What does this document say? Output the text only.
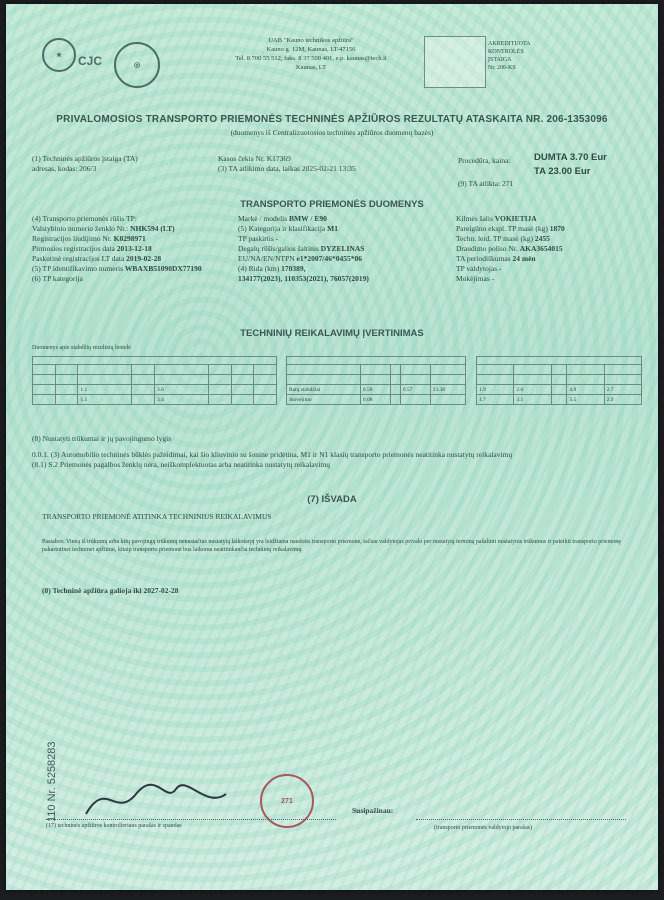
★	CJC	◎
UAB "Kauno technikos apžiūra"
Kauno g. 12M, Kaunas, LT-47156
Tel. 8 700 55 512, faks. 8 37 500 401, e.p. kaunas@tech.lt
Kaunas, LT
AKREDITUOTA
KONTROLĖS
ĮSTAIGA
Nr. 206-KS
PRIVALOMOSIOS TRANSPORTO PRIEMONĖS TECHNINĖS APŽIŪROS REZULTATŲ ATASKAITA NR. 206-1353096
(duomenys iš Centralizuotosios techninės apžiūros duomenų bazės)
(1) Techninės apžiūros įstaiga (TA)
adresas, kodas: 206/3
Kasos čekis Nr. K17369
(3) TA atlikimo data, laikas 2025-02-21 13:35
Procedūra, kaina: DUMTA 3.70 Eur
TA 23.00 Eur
(9) TA atlikta: 271
TRANSPORTO PRIEMONĖS DUOMENYS
(4) Transporto priemonės rūšis TP:
Valstybinio numerio ženklo Nr.: NHK594 (LT)
Registracijos liudijimo Nr. K0298971
Pirmosios registracijos data 2013-12-18
Paskutinė registracijos LT data 2019-02-28
(5) TP identifikavimo numeris WBAXB51090DX77190
(6) TP kategorija
Markė / modelis BMW / E90
(5) Kategorija ir klasifikacija M1
TP paskirtis -
Degalų rūšis/galios šaltinis DYZELINAS
EU/NA/EN/NTPN e1*2007/46*0455*06
(4) Rida (km) 170389,
134177(2023), 110353(2021), 76057(2019)
Kilmės šalis VOKIETIJA
Pareigūno ekspl. TP masė (kg) 1870
Techn. leid. TP masė (kg) 2455
Draudimo poliso Nr. AKA3654015
TA periodiškumas 24 mėn
TP valdytojas -
Mokėjimas -
TECHNINIŲ REIKALAVIMŲ ĮVERTINIMAS
Duomenys apie stabdžių rezultatų lentelė

		1.1		3.6			
		1.5		3.4			

Ratų stabdžiai	0.58		0.57	13.38
Stovėjimo	0.08			

1.9	2.6		4.8	2.7
1.7	3.1		3.5	2.9
(8) Nustatyti trūkumai ir jų pavojingumo lygis
0.0.1. (3) Automobilio techninės būklės pažeidimai, kai šio kliuvinio su šonine pridėtina, M1 ir N1 klasių transporto priemonės neatitinka nustatytų reikalavimų
(8.1) S.2 Priemonės pagalbos ženklų nėra, neiškomplektuotas arba neatitinka nustatytų reikalavimų
(7) IŠVADA
TRANSPORTO PRIEMONĖ ATITINKA TECHNINIUS REIKALAVIMUS
Pastabos: Vieną iš trūkumų arba kitų pavojingų trūkumų nenustačius nustatytą laikotarpį yra leidžiama naudotis transporto priemone, tačiau valdytojas privalo per nustatytą terminą pašalinti nustatytus trūkumus ir pateikti transporto priemonę pakartotinei techninei apžiūrai, kitaip transporto priemonė bus laikoma neatitinkančia techninių reikalavimų.
(8) Techninė apžiūra galioja iki 2027-02-28
110 Nr. 5258283	271
(17) techninės apžiūros kontrolieriaus parašas ir spaudas
Susipažinau:
(transporto priemonės valdytojo parašas)
